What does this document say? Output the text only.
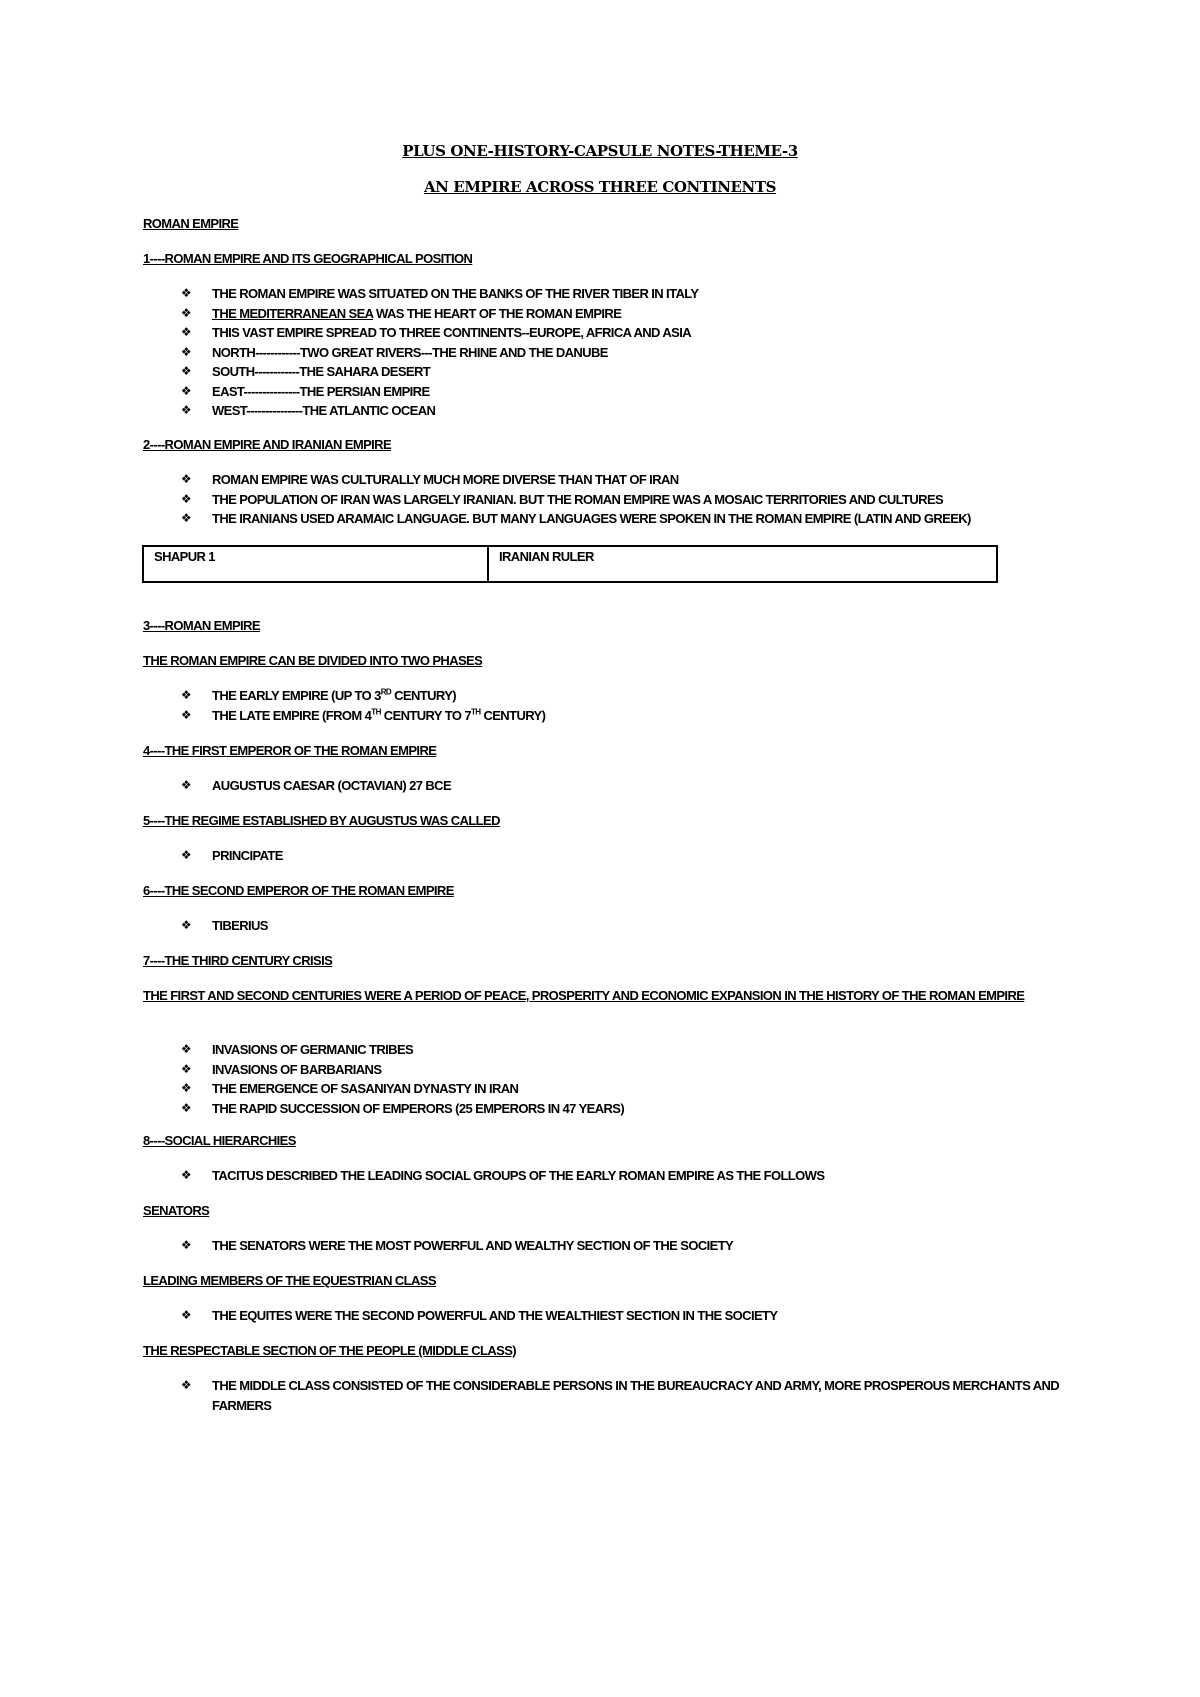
PLUS ONE-HISTORY-CAPSULE NOTES-THEME-3
AN EMPIRE ACROSS THREE CONTINENTS
ROMAN EMPIRE
1----ROMAN EMPIRE AND ITS GEOGRAPHICAL POSITION
❖ THE ROMAN EMPIRE WAS SITUATED ON THE BANKS OF THE RIVER TIBER IN ITALY
❖ THE MEDITERRANEAN SEA WAS THE HEART OF THE ROMAN EMPIRE
❖ THIS VAST EMPIRE SPREAD TO THREE CONTINENTS--EUROPE, AFRICA AND ASIA
❖ NORTH------------TWO GREAT RIVERS---THE RHINE AND THE DANUBE
❖ SOUTH------------THE SAHARA DESERT
❖ EAST---------------THE PERSIAN EMPIRE
❖ WEST---------------THE ATLANTIC OCEAN
2----ROMAN EMPIRE AND IRANIAN EMPIRE
❖ ROMAN EMPIRE WAS CULTURALLY MUCH MORE DIVERSE THAN THAT OF IRAN
❖ THE POPULATION OF IRAN WAS LARGELY IRANIAN. BUT THE ROMAN EMPIRE WAS A MOSAIC TERRITORIES AND CULTURES
❖ THE IRANIANS USED ARAMAIC LANGUAGE. BUT MANY LANGUAGES WERE SPOKEN IN THE ROMAN EMPIRE (LATIN AND GREEK)
SHAPUR 1	IRANIAN RULER
3----ROMAN EMPIRE
THE ROMAN EMPIRE CAN BE DIVIDED INTO TWO PHASES
❖ THE EARLY EMPIRE (UP TO 3RD CENTURY)
❖ THE LATE EMPIRE (FROM 4TH CENTURY TO 7TH CENTURY)
4----THE FIRST EMPEROR OF THE ROMAN EMPIRE
❖ AUGUSTUS CAESAR (OCTAVIAN) 27 BCE
5----THE REGIME ESTABLISHED BY AUGUSTUS WAS CALLED
❖ PRINCIPATE
6----THE SECOND EMPEROR OF THE ROMAN EMPIRE
❖ TIBERIUS
7----THE THIRD CENTURY CRISIS
THE FIRST AND SECOND CENTURIES WERE A PERIOD OF PEACE, PROSPERITY AND ECONOMIC EXPANSION IN THE HISTORY OF THE ROMAN EMPIRE
❖ INVASIONS OF GERMANIC TRIBES
❖ INVASIONS OF BARBARIANS
❖ THE EMERGENCE OF SASANIYAN DYNASTY IN IRAN
❖ THE RAPID SUCCESSION OF EMPERORS (25 EMPERORS IN 47 YEARS)
8----SOCIAL HIERARCHIES
❖ TACITUS DESCRIBED THE LEADING SOCIAL GROUPS OF THE EARLY ROMAN EMPIRE AS THE FOLLOWS
SENATORS
❖ THE SENATORS WERE THE MOST POWERFUL AND WEALTHY SECTION OF THE SOCIETY
LEADING MEMBERS OF THE EQUESTRIAN CLASS
❖ THE EQUITES WERE THE SECOND POWERFUL AND THE WEALTHIEST SECTION IN THE SOCIETY
THE RESPECTABLE SECTION OF THE PEOPLE (MIDDLE CLASS)
❖ THE MIDDLE CLASS CONSISTED OF THE CONSIDERABLE PERSONS IN THE BUREAUCRACY AND ARMY, MORE PROSPEROUS MERCHANTS AND FARMERS
